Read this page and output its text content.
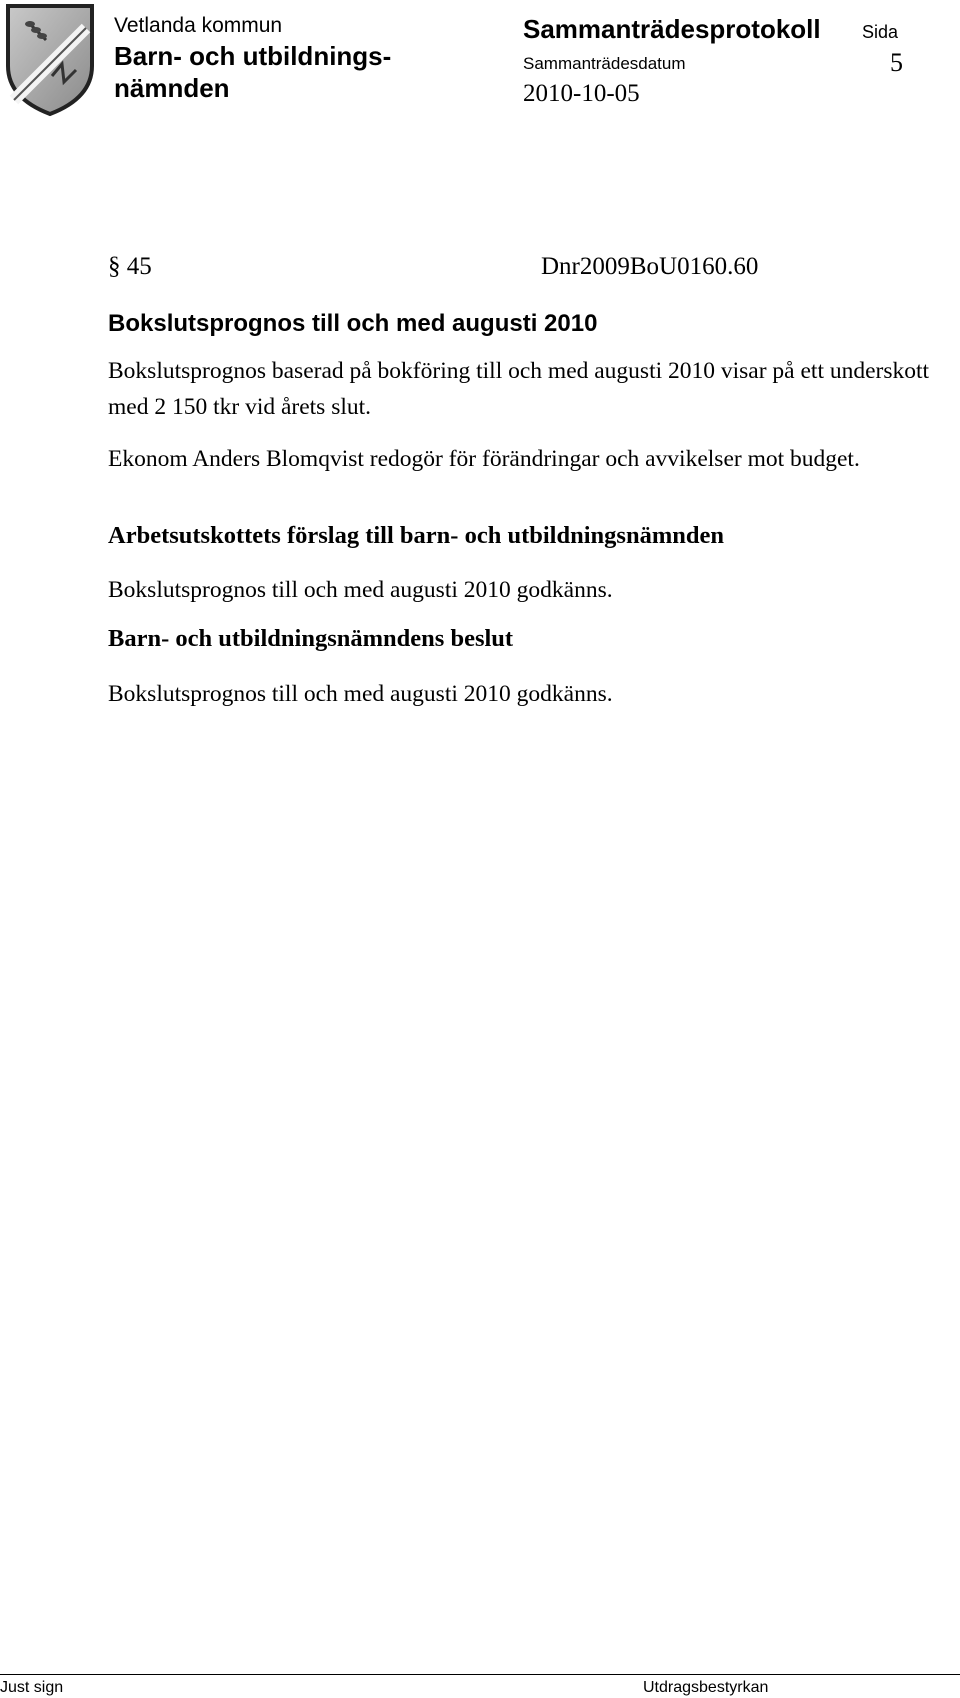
Vetlanda kommun
Barn- och utbildnings-nämnden
Sammanträdesprotokoll Sida
Sammanträdesdatum	5
2010-10-05
§ 45	Dnr2009BoU0160.60
Bokslutsprognos till och med augusti 2010
Bokslutsprognos baserad på bokföring till och med augusti 2010 visar på ett underskott med 2 150 tkr vid årets slut.
Ekonom Anders Blomqvist redogör för förändringar och avvikelser mot budget.
Arbetsutskottets förslag till barn- och utbildningsnämnden
Bokslutsprognos till och med augusti 2010 godkänns.
Barn- och utbildningsnämndens beslut
Bokslutsprognos till och med augusti 2010 godkänns.
Just sign	Utdragsbestyrkan
